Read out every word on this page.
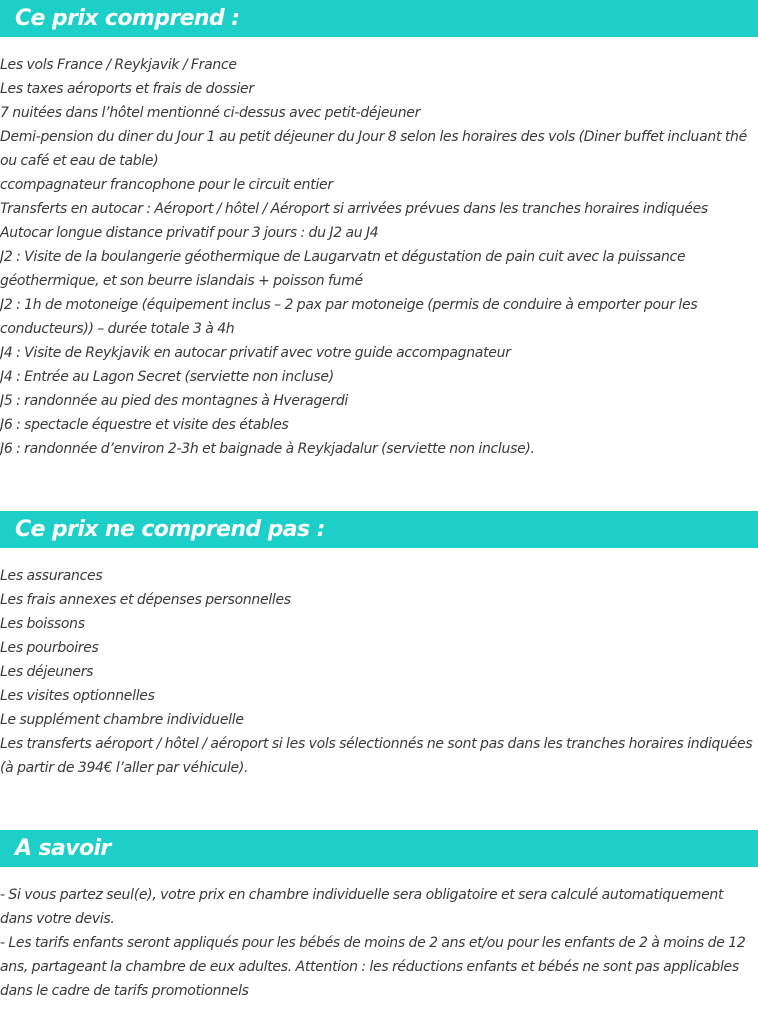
Ce prix comprend :
Les vols France / Reykjavik / France
Les taxes aéroports et frais de dossier
7 nuitées dans l’hôtel mentionné ci-dessus avec petit-déjeuner
Demi-pension du diner du Jour 1 au petit déjeuner du Jour 8 selon les horaires des vols (Diner buffet incluant thé ou café et eau de table)
ccompagnateur francophone pour le circuit entier
Transferts en autocar : Aéroport / hôtel / Aéroport si arrivées prévues dans les tranches horaires indiquées
Autocar longue distance privatif pour 3 jours : du J2 au J4
J2 : Visite de la boulangerie géothermique de Laugarvatn et dégustation de pain cuit avec la puissance géothermique, et son beurre islandais + poisson fumé
J2 : 1h de motoneige (équipement inclus – 2 pax par motoneige (permis de conduire à emporter pour les conducteurs)) – durée totale 3 à 4h
J4 : Visite de Reykjavik en autocar privatif avec votre guide accompagnateur
J4 : Entrée au Lagon Secret (serviette non incluse)
J5 : randonnée au pied des montagnes à Hveragerdi
J6 : spectacle équestre et visite des étables
J6 : randonnée d’environ 2-3h et baignade à Reykjadalur (serviette non incluse).
Ce prix ne comprend pas :
Les assurances
Les frais annexes et dépenses personnelles
Les boissons
Les pourboires
Les déjeuners
Les visites optionnelles
Le supplément chambre individuelle
Les transferts aéroport / hôtel / aéroport si les vols sélectionnés ne sont pas dans les tranches horaires indiquées (à partir de 394€ l’aller par véhicule).
A savoir
- Si vous partez seul(e), votre prix en chambre individuelle sera obligatoire et sera calculé automatiquement dans votre devis.
- Les tarifs enfants seront appliqués pour les bébés de moins de 2 ans et/ou pour les enfants de 2 à moins de 12 ans, partageant la chambre de eux adultes. Attention : les réductions enfants et bébés ne sont pas applicables dans le cadre de tarifs promotionnels
